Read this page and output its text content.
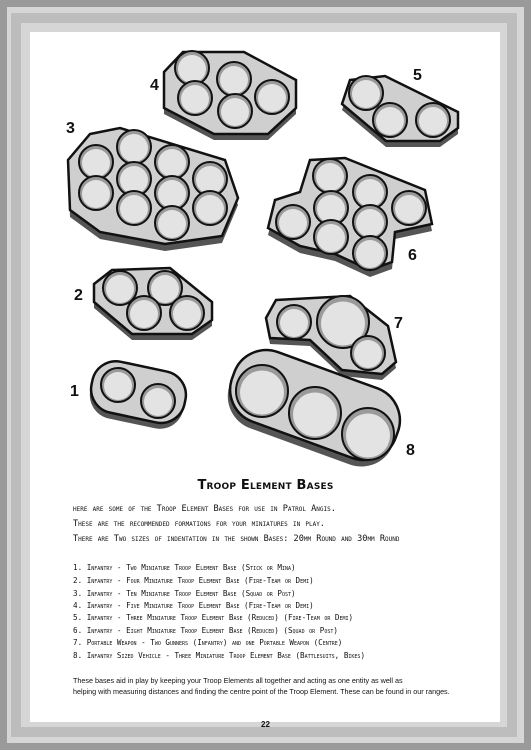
4
5
3
6
2
7
1
8
Troop Element Bases
here are some of the Troop Element Bases for use in Patrol Angis.
These are the recommended formations for your miniatures in play.
There are Two sizes of indentation in the shown Bases: 20mm Round and 30mm Round
1. Infantry - Two Miniature Troop Element Base (Stick or Mina)
2. Infantry - Four Miniature Troop Element Base (Fire-Team or Demi)
3. Infantry - Ten Miniature Troop Element Base (Squad or Post)
4. Infantry - Five Miniature Troop Element Base (Fire-Team or Demi)
5. Infantry - Three Miniature Troop Element Base (Reduced) (Fire-Team or Demi)
6. Infantry - Eight Miniature Troop Element Base (Reduced) (Squad or Post)
7. Portable Weapon - Two Gunners (Infantry) and one Portable Weapon (Centre)
8. Infantry Sized Vehicle - Three Miniature Troop Element Base (Battlesuits, Bikes)
These bases aid in play by keeping your Troop Elements all together and acting as one entity as well as
helping with measuring distances and finding the centre point of the Troop Element. These can be found in our ranges.
22
